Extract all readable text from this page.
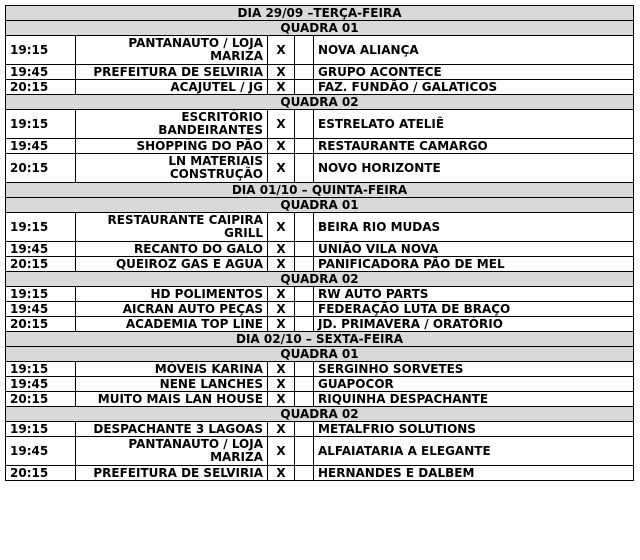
DIA 29/09 –TERÇA-FEIRA				
QUADRA 01				
19:15	PANTANAUTO / LOJA MARIZA	X		NOVA ALIANÇA
19:45	PREFEITURA DE SELVIRIA	X		GRUPO ACONTECE
20:15	ACAJUTEL / JG	X		FAZ. FUNDÃO / GALATICOS
QUADRA 02				
19:15	ESCRITÓRIO BANDEIRANTES	X		ESTRELATO ATELIÊ
19:45	SHOPPING DO PÃO	X		RESTAURANTE CAMARGO
20:15	LN MATERIAIS CONSTRUÇÃO	X		NOVO HORIZONTE
DIA 01/10 – QUINTA-FEIRA				
QUADRA 01				
19:15	RESTAURANTE CAIPIRA GRILL	X		BEIRA RIO MUDAS
19:45	RECANTO DO GALO	X		UNIÃO VILA NOVA
20:15	QUEIROZ GAS E AGUA	X		PANIFICADORA PÃO DE MEL
QUADRA 02				
19:15	HD POLIMENTOS	X		RW AUTO PARTS
19:45	AICRAN AUTO PEÇAS	X		FEDERAÇÃO LUTA DE BRAÇO
20:15	ACADEMIA TOP LINE	X		JD. PRIMAVERA / ORATÓRIO
DIA 02/10 – SEXTA-FEIRA				
QUADRA 01				
19:15	MÓVEIS KARINA	X		SERGINHO SORVETES
19:45	NENE LANCHES	X		GUAPOCOR
20:15	MUITO MAIS LAN HOUSE	X		RIQUINHA DESPACHANTE
QUADRA 02				
19:15	DESPACHANTE 3 LAGOAS	X		METALFRIO SOLUTIONS
19:45	PANTANAUTO / LOJA MARIZA	X		ALFAIATARIA A ELEGANTE
20:15	PREFEITURA DE SELVIRIA	X		HERNANDES E DALBEM
